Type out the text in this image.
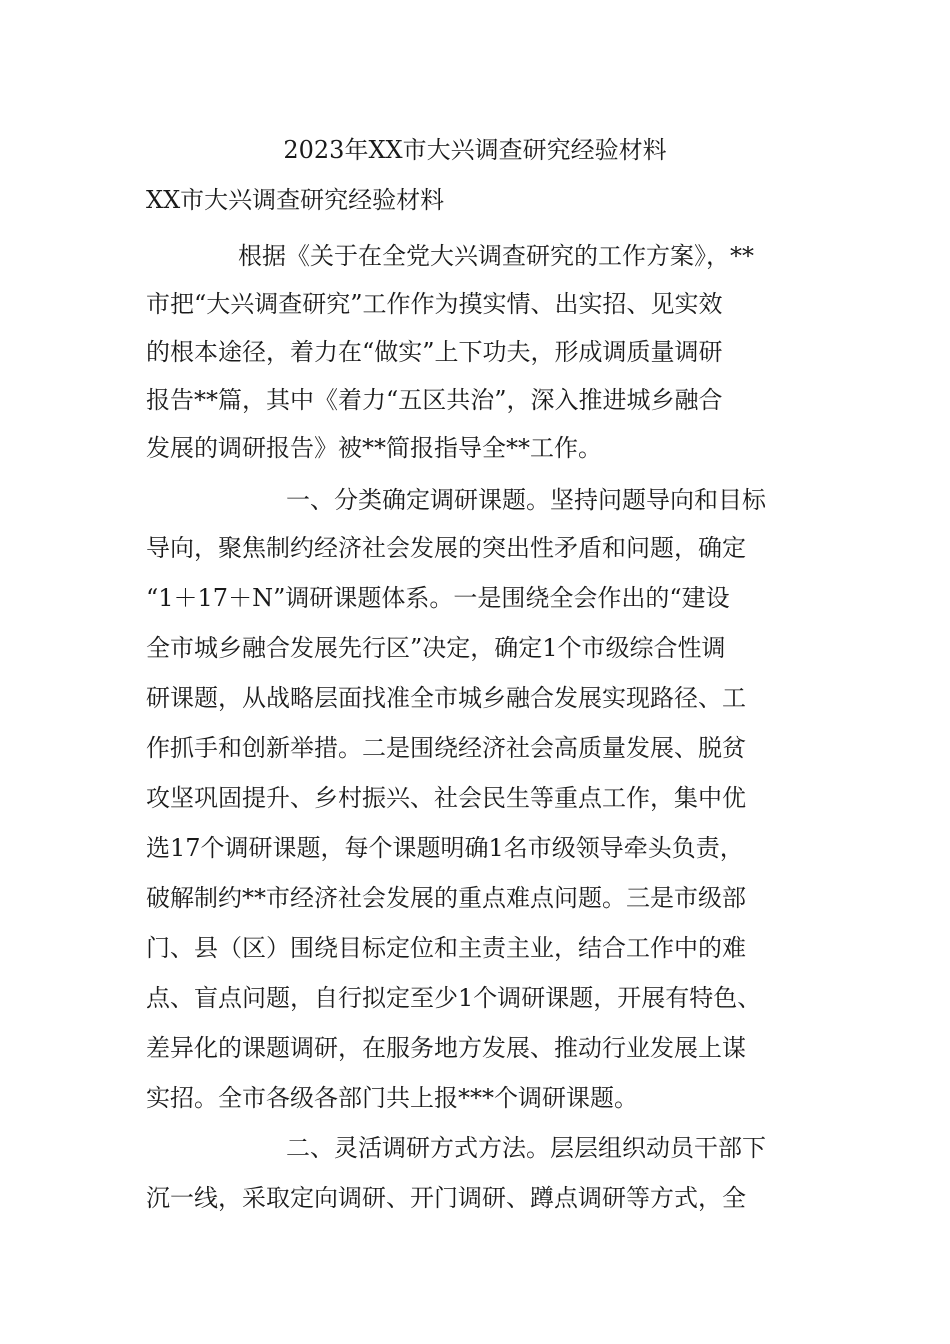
2023年XX市大兴调查研究经验材料
XX市大兴调查研究经验材料
根据《关于在全党大兴调查研究的工作方案》，**
市把“大兴调查研究”工作作为摸实情、出实招、见实效
的根本途径，着力在“做实”上下功夫，形成调质量调研
报告**篇，其中《着力“五区共治”，深入推进城乡融合
发展的调研报告》被**简报指导全**工作。
一、分类确定调研课题。坚持问题导向和目标
导向，聚焦制约经济社会发展的突出性矛盾和问题，确定
“1＋17＋N”调研课题体系。一是围绕全会作出的“建设
全市城乡融合发展先行区”决定，确定1个市级综合性调
研课题，从战略层面找准全市城乡融合发展实现路径、工
作抓手和创新举措。二是围绕经济社会高质量发展、脱贫
攻坚巩固提升、乡村振兴、社会民生等重点工作，集中优
选17个调研课题，每个课题明确1名市级领导牵头负责，
破解制约**市经济社会发展的重点难点问题。三是市级部
门、县（区）围绕目标定位和主责主业，结合工作中的难
点、盲点问题，自行拟定至少1个调研课题，开展有特色、
差异化的课题调研，在服务地方发展、推动行业发展上谋
实招。全市各级各部门共上报***个调研课题。
二、灵活调研方式方法。层层组织动员干部下
沉一线，采取定向调研、开门调研、蹲点调研等方式，全
